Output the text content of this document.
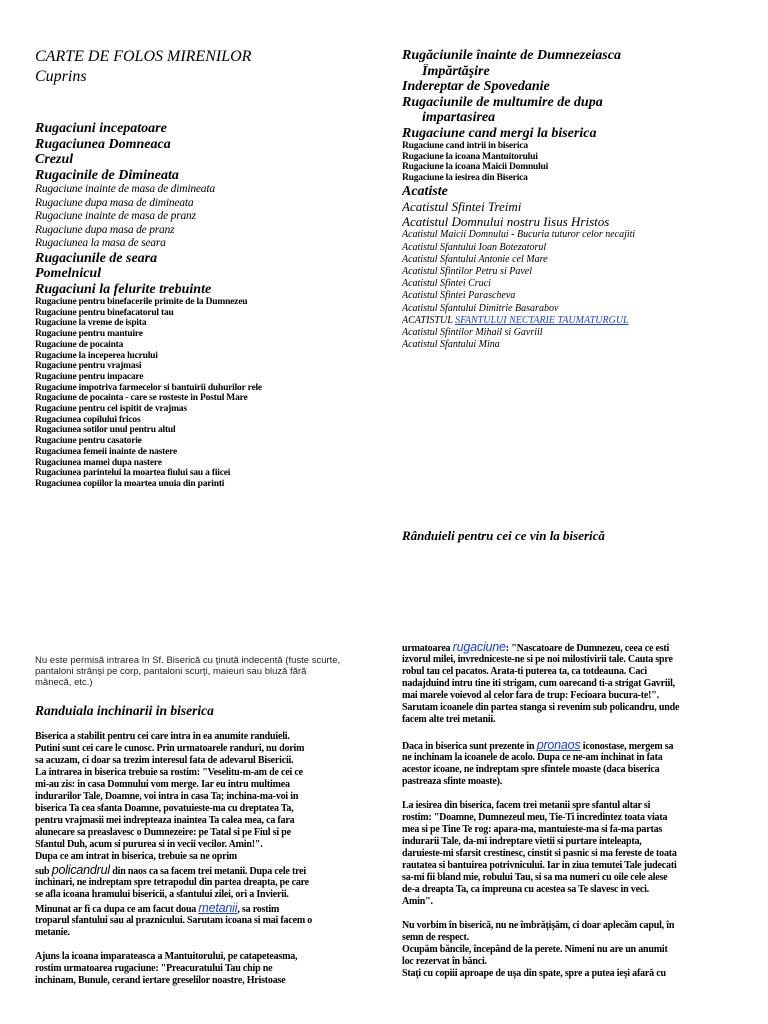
CARTE DE FOLOS MIRENILOR
Cuprins
Rugaciuni incepatoare
Rugaciunea Domneaca
Crezul
Rugacinile de Dimineata
Rugaciune inainte de masa de dimineata
Rugaciune dupa masa de dimineata
Rugaciune inainte de masa de pranz
Rugaciune dupa masa de pranz
Rugaciunea la masa de seara
Rugaciunile de seara
Pomelnicul
Rugaciuni la felurite trebuinte
Rugaciune pentru binefacerile primite de la Dumnezeu
Rugaciune pentru binefacatorul tau
Rugaciune la vreme de ispita
Rugaciune pentru mantuire
Rugaciune de pocainta
Rugaciune la inceperea lucrului
Rugaciune pentru vrajmasi
Rugaciune pentru impacare
Rugaciune impotriva farmecelor si bantuirii duhurilor rele
Rugaciune de pocainta - care se rosteste in Postul Mare
Rugaciune pentru cel ispitit de vrajmas
Rugaciunea copilului fricos
Rugaciunea sotilor unul pentru altul
Rugaciune pentru casatorie
Rugaciunea femeii inainte de nastere
Rugaciunea mamei dupa nastere
Rugaciunea parintelui la moartea fiului sau a fiicei
Rugaciunea copiilor la moartea unuia din parinti
Rugăciunile înainte de Dumnezeiasca
Împărtăşire
Indereptar de Spovedanie
Rugaciunile de multumire de dupa
impartasirea
Rugaciune cand mergi la biserica
Rugaciune cand intrii in biserica
Rugaciune la icoana Mantuitorului
Rugaciune la icoana Maicii Domnului
Rugaciune la iesirea din Biserica
Acatiste
Acatistul Sfintei Treimi
Acatistul Domnului nostru Iisus Hristos
Acatistul Maicii Domnului - Bucuria tuturor celor necajiti
Acatistul Sfantului Ioan Botezatorul
Acatistul Sfantului Antonie cel Mare
Acatistul Sfintilor Petru si Pavel
Acatistul Sfintei Cruci
Acatistul Sfintei Parascheva
Acatistul Sfantului Dimitrie Basarabov
ACATISTUL SFANTULUI NECTARIE TAUMATURGUL
Acatistul Sfintilor Mihail si Gavriil
Acatistul Sfantului Mina
Rânduieli pentru cei ce vin la biserică
Nu este permisă intrarea în Sf. Biserică cu ţinută indecentă (fuste scurte,
pantaloni strânşi pe corp, pantaloni scurţi, maieuri sau bluză fără
mânecă, etc.)
Randuiala inchinarii in biserica
Biserica a stabilit pentru cei care intra in ea anumite randuieli.
Putini sunt cei care le cunosc. Prin urmatoarele randuri, nu dorim
sa acuzam, ci doar sa trezim interesul fata de adevarul Bisericii.
La intrarea in biserica trebuie sa rostim: "Veselitu-m-am de cei ce
mi-au zis: in casa Domnului vom merge. Iar eu intru multimea
indurarilor Tale, Doamne, voi intra in casa Ta; inchina-ma-voi in
biserica Ta cea sfanta Doamne, povatuieste-ma cu dreptatea Ta,
pentru vrajmasii mei indrepteaza inaintea Ta calea mea, ca fara
alunecare sa preaslavesc o Dumnezeire: pe Tatal si pe Fiul si pe
Sfantul Duh, acum si pururea si in vecii vecilor. Amin!".
Dupa ce am intrat in biserica, trebuie sa ne oprim
sub policandrul din naos ca sa facem trei metanii. Dupa cele trei
inchinari, ne indreptam spre tetrapodul din partea dreapta, pe care
se afla icoana hramului bisericii, a sfantului zilei, ori a Invierii.
Minunat ar fi ca dupa ce am facut doua metanii, sa rostim
troparul sfantului sau al praznicului. Sarutam icoana si mai facem o
metanie.
Ajuns la icoana imparateasca a Mantuitorului, pe catapeteasma,
rostim urmatoarea rugaciune: "Preacuratului Tau chip ne
inchinam, Bunule, cerand iertare greselilor noastre, Hristoase
urmatoarea rugaciune: "Nascatoare de Dumnezeu, ceea ce esti
izvorul milei, invredniceste-ne si pe noi milostivirii tale. Cauta spre
robul tau cel pacatos. Arata-ti puterea ta, ca totdeauna. Caci
nadajduind intru tine iti strigam, cum oarecand ti-a strigat Gavriil,
mai marele voievod al celor fara de trup: Fecioara bucura-te!".
Sarutam icoanele din partea stanga si revenim sub policandru, unde
facem alte trei metanii.
Daca in biserica sunt prezente in pronaos iconostase, mergem sa
ne inchinam la icoanele de acolo. Dupa ce ne-am inchinat in fata
acestor icoane, ne indreptam spre sfintele moaste (daca biserica
pastreaza sfinte moaste).
La iesirea din biserica, facem trei metanii spre sfantul altar si
rostim: "Doamne, Dumnezeul meu, Tie-Ti incredintez toata viata
mea si pe Tine Te rog: apara-ma, mantuieste-ma si fa-ma partas
indurarii Tale, da-mi indreptare vietii si purtare inteleapta,
daruieste-mi sfarsit crestinesc, cinstit si pasnic si ma fereste de toata
rautatea si bantuirea potrivnicului. Iar in ziua temutei Tale judecati
sa-mi fii bland mie, robului Tau, si sa ma numeri cu oile cele alese
de-a dreapta Ta, ca impreuna cu acestea sa Te slavesc in veci.
Amin".
Nu vorbim în biserică, nu ne îmbrăţişăm, ci doar aplecăm capul, în
semn de respect.
Ocupăm băncile, începând de la perete. Nimeni nu are un anumit
loc rezervat în bănci.
Staţi cu copiii aproape de uşa din spate, spre a putea ieşi afară cu
